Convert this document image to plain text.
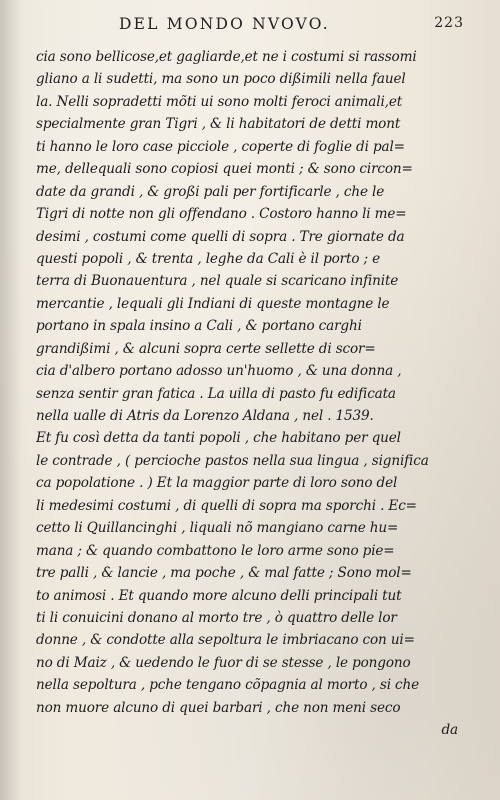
DEL MONDO NVOVO.	223
cia sono bellicose,et gagliarde,et ne i costumi si rassomi
gliano a li sudetti, ma sono un poco dißimili nella fauel
la. Nelli sopradetti mõti ui sono molti feroci animali,et
specialmente gran Tigri , & li habitatori de detti mont
ti hanno le loro case picciole , coperte di foglie di pal=
me, dellequali sono copiosi quei monti ; & sono circon=
date da grandi , & großi pali per fortificarle , che le
Tigri di notte non gli offendano . Costoro hanno li me=
desimi , costumi come quelli di sopra . Tre giornate da
questi popoli , & trenta , leghe da Cali è il porto ; e
terra di Buonauentura , nel quale si scaricano infinite
mercantie , lequali gli Indiani di queste montagne le
portano in spala insino a Cali , & portano carghi
grandißimi , & alcuni sopra certe sellette di scor=
cia d'albero portano adosso un'huomo , & una donna ,
senza sentir gran fatica . La uilla di pasto fu edificata
nella ualle di Atris da Lorenzo Aldana , nel . 1539.
Et fu così detta da tanti popoli , che habitano per quel
le contrade , ( percioche pastos nella sua lingua , significa
ca popolatione . ) Et la maggior parte di loro sono del
li medesimi costumi , di quelli di sopra ma sporchi . Ec=
cetto li Quillancinghi , liquali nõ mangiano carne hu=
mana ; & quando combattono le loro arme sono pie=
tre palli , & lancie , ma poche , & mal fatte ; Sono mol=
to animosi . Et quando more alcuno delli principali tut
ti li conuicini donano al morto tre , ò quattro delle lor
donne , & condotte alla sepoltura le imbriacano con ui=
no di Maiz , & uedendo le fuor di se stesse , le pongono
nella sepoltura , pche tengano cõpagnia al morto , si che
non muore alcuno di quei barbari , che non meni seco
da
